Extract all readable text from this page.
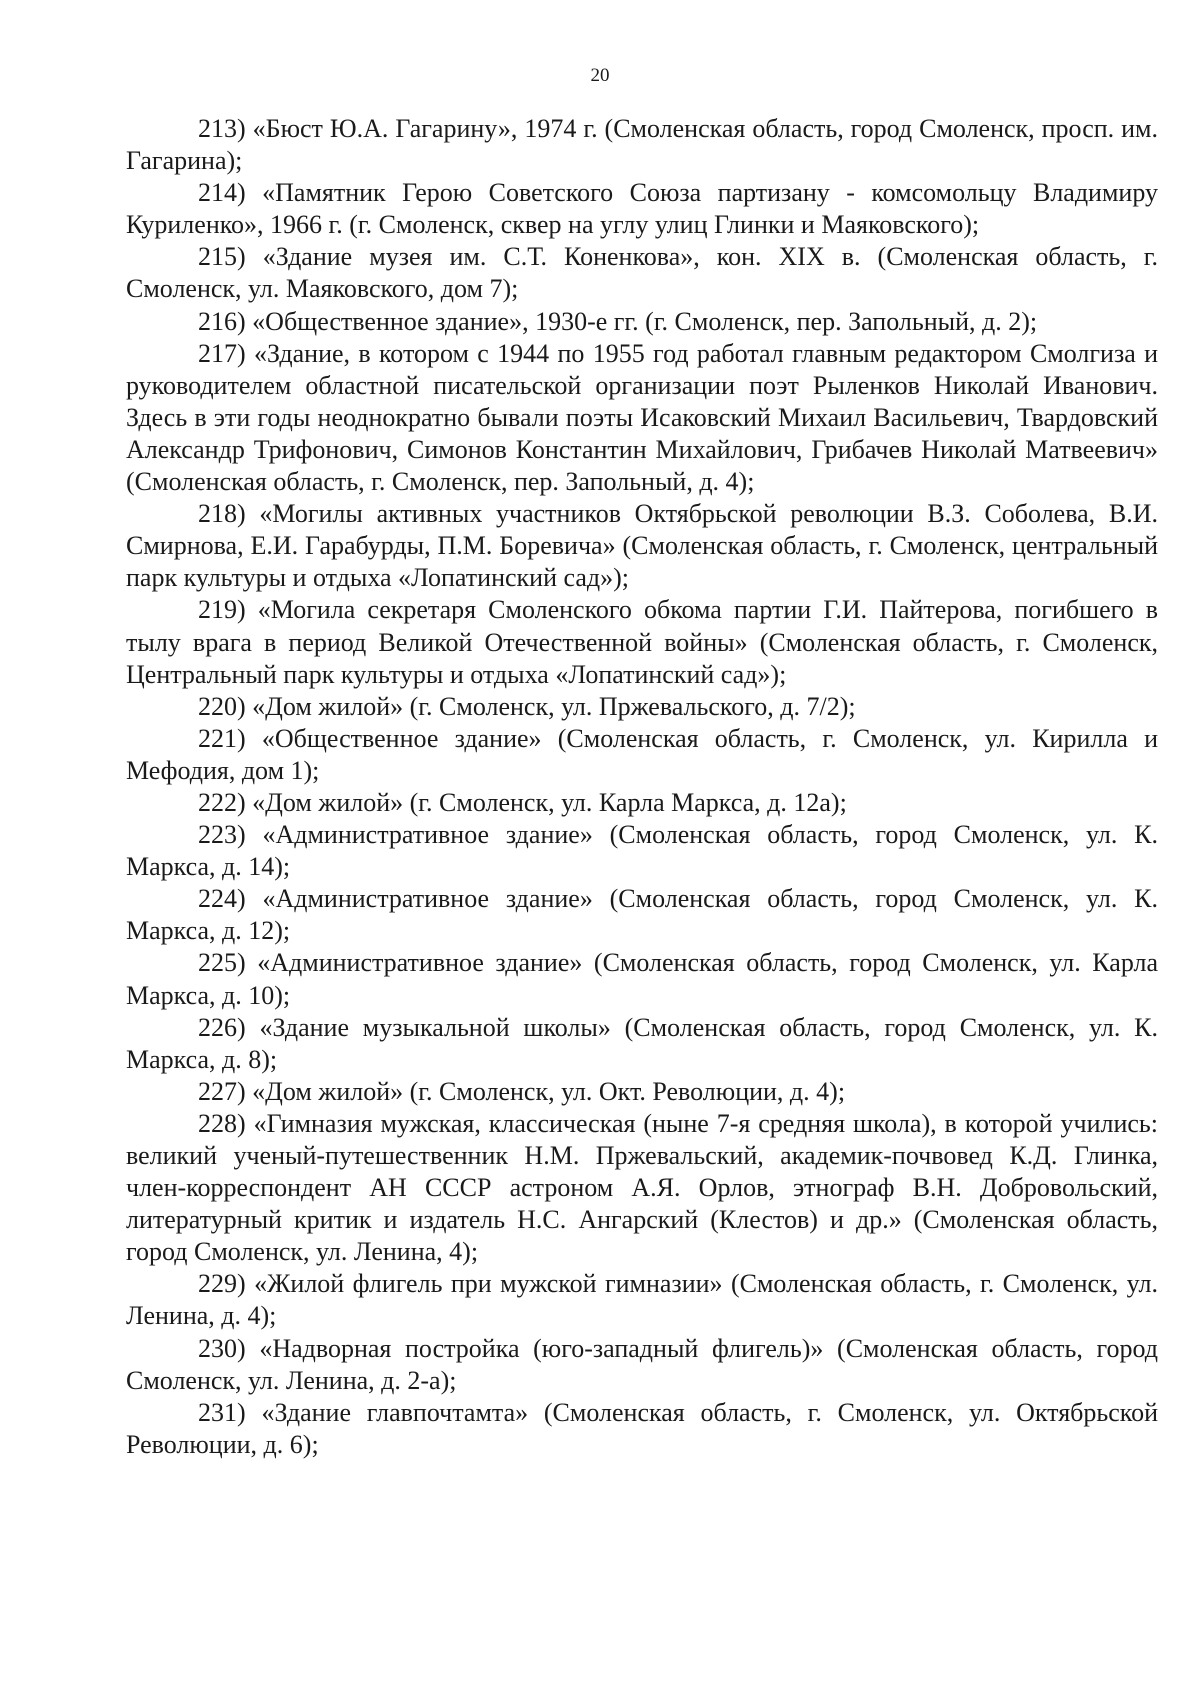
20

213) «Бюст Ю.А. Гагарину», 1974 г. (Смоленская область, город Смоленск, просп. им. Гагарина);

214) «Памятник Герою Советского Союза партизану - комсомольцу Владимиру Куриленко», 1966 г. (г. Смоленск, сквер на углу улиц Глинки и Маяковского);

215) «Здание музея им. С.Т. Коненкова», кон. XIX в. (Смоленская область, г. Смоленск, ул. Маяковского, дом 7);

216) «Общественное здание», 1930-е гг. (г. Смоленск, пер. Запольный, д. 2);

217) «Здание, в котором с 1944 по 1955 год работал главным редактором Смолгиза и руководителем областной писательской организации поэт Рыленков Николай Иванович. Здесь в эти годы неоднократно бывали поэты Исаковский Михаил Васильевич, Твардовский Александр Трифонович, Симонов Константин Михайлович, Грибачев Николай Матвеевич» (Смоленская область, г. Смоленск, пер. Запольный, д. 4);

218) «Могилы активных участников Октябрьской революции В.З. Соболева, В.И. Смирнова, Е.И. Гарабурды, П.М. Боревича» (Смоленская область, г. Смоленск, центральный парк культуры и отдыха «Лопатинский сад»);

219) «Могила секретаря Смоленского обкома партии Г.И. Пайтерова, погибшего в тылу врага в период Великой Отечественной войны» (Смоленская область, г. Смоленск, Центральный парк культуры и отдыха «Лопатинский сад»);

220) «Дом жилой» (г. Смоленск, ул. Пржевальского, д. 7/2);

221) «Общественное здание» (Смоленская область, г. Смоленск, ул. Кирилла и Мефодия, дом 1);

222) «Дом жилой» (г. Смоленск, ул. Карла Маркса, д. 12а);

223) «Административное здание» (Смоленская область, город Смоленск, ул. К. Маркса, д. 14);

224) «Административное здание» (Смоленская область, город Смоленск, ул. К. Маркса, д. 12);

225) «Административное здание» (Смоленская область, город Смоленск, ул. Карла Маркса, д. 10);

226) «Здание музыкальной школы» (Смоленская область, город Смоленск, ул. К. Маркса, д. 8);

227) «Дом жилой» (г. Смоленск, ул. Окт. Революции, д. 4);

228) «Гимназия мужская, классическая (ныне 7-я средняя школа), в которой учились: великий ученый-путешественник Н.М. Пржевальский, академик-почвовед К.Д. Глинка, член-корреспондент АН СССР астроном А.Я. Орлов, этнограф В.Н. Добровольский, литературный критик и издатель Н.С. Ангарский (Клестов) и др.» (Смоленская область, город Смоленск, ул. Ленина, 4);

229) «Жилой флигель при мужской гимназии» (Смоленская область, г. Смоленск, ул. Ленина, д. 4);

230) «Надворная постройка (юго-западный флигель)» (Смоленская область, город Смоленск, ул. Ленина, д. 2-а);

231) «Здание главпочтамта» (Смоленская область, г. Смоленск, ул. Октябрьской Революции, д. 6);
